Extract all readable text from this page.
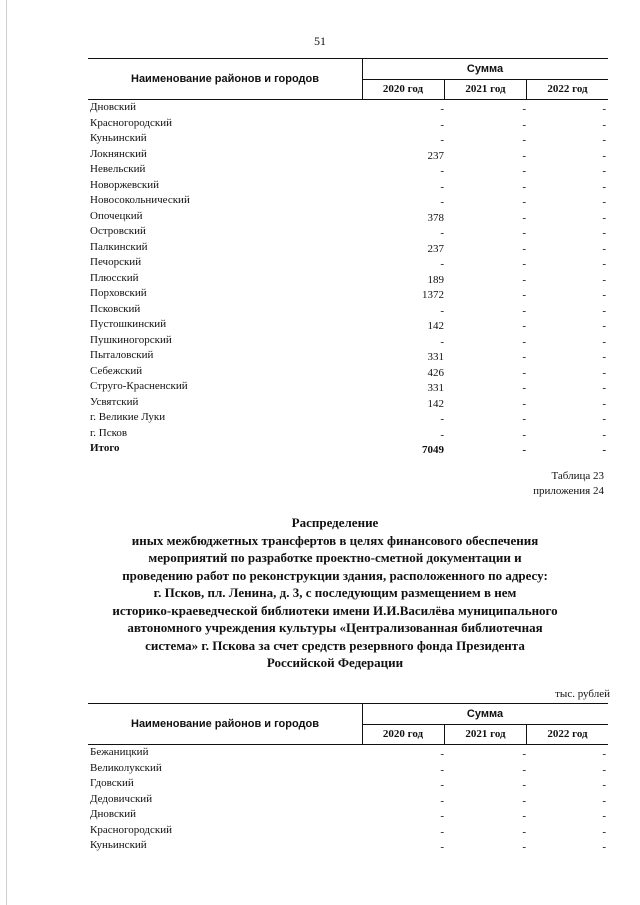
51
Наименование районов и городов
Сумма
2020 год	2021 год	2022 год
Дновский	-	-	-
Красногородский	-	-	-
Куньинский	-	-	-
Локнянский	237	-	-
Невельский	-	-	-
Новоржевский	-	-	-
Новосокольнический	-	-	-
Опочецкий	378	-	-
Островский	-	-	-
Палкинский	237	-	-
Печорский	-	-	-
Плюсский	189	-	-
Порховский	1372	-	-
Псковский	-	-	-
Пустошкинский	142	-	-
Пушкиногорский	-	-	-
Пыталовский	331	-	-
Себежский	426	-	-
Струго-Красненский	331	-	-
Усвятский	142	-	-
г. Великие Луки	-	-	-
г. Псков	-	-	-
Итого	7049	-	-
Таблица 23
приложения 24
Распределение
иных межбюджетных трансфертов в целях финансового обеспечения
мероприятий по разработке проектно-сметной документации и
проведению работ по реконструкции здания, расположенного по адресу:
г. Псков, пл. Ленина, д. 3, с последующим размещением в нем
историко-краеведческой библиотеки имени И.И.Василёва муниципального
автономного учреждения культуры «Централизованная библиотечная
система» г. Пскова за счет средств резервного фонда Президента
Российской Федерации
тыс. рублей
Наименование районов и городов
Сумма
2020 год	2021 год	2022 год
Бежаницкий	-	-	-
Великолукский	-	-	-
Гдовский	-	-	-
Дедовичский	-	-	-
Дновский	-	-	-
Красногородский	-	-	-
Куньинский	-	-	-
